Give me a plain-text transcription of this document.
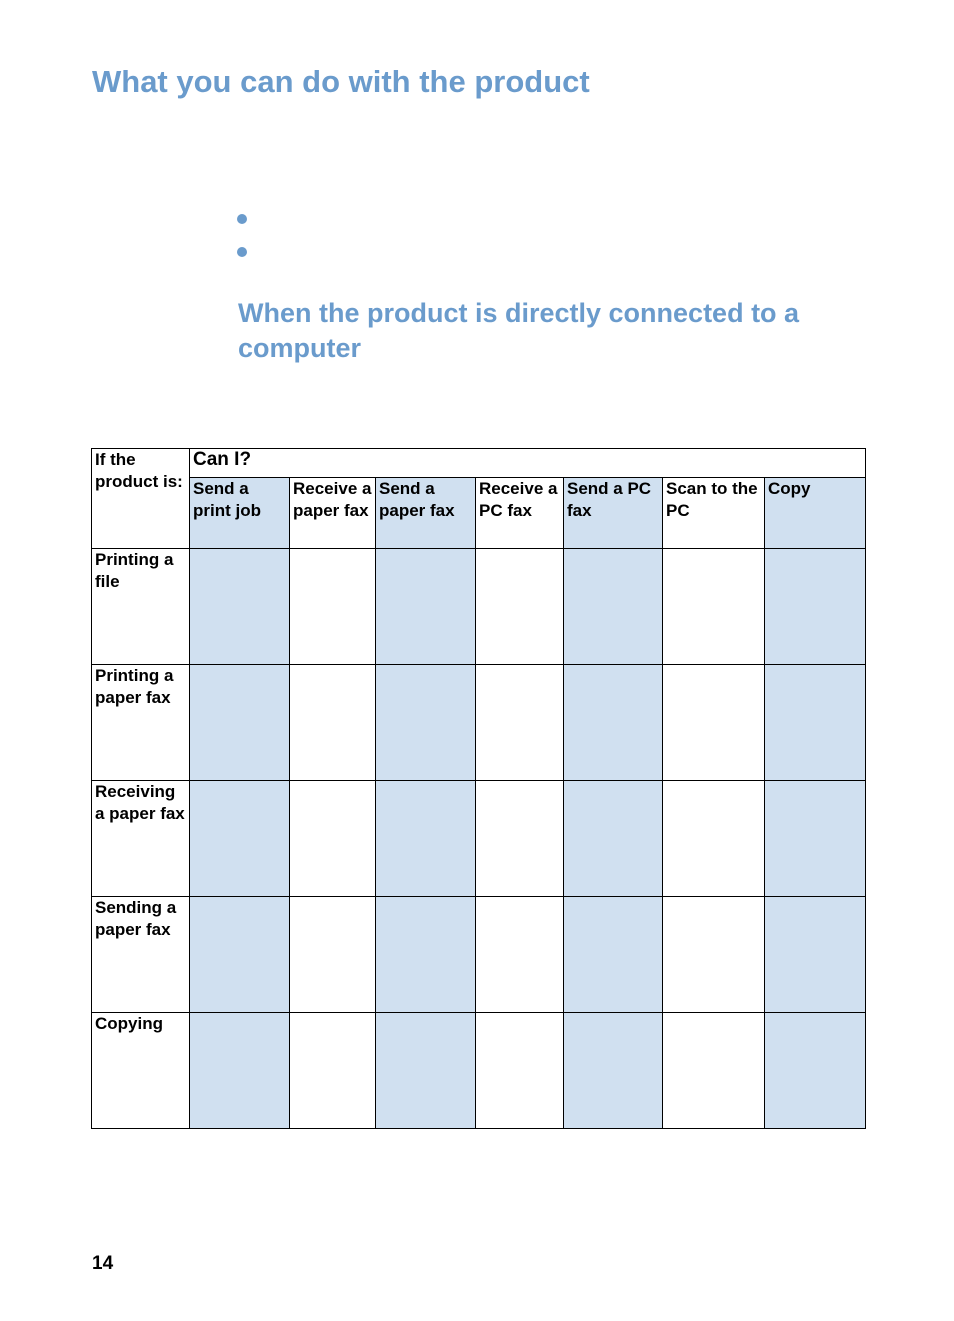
What you can do with the product
When the product is directly connected to a computer
If the product is:	Can I?						
	Send a print job	Receive a paper fax	Send a paper fax	Receive a PC fax	Send a PC fax	Scan to the PC	Copy
Printing a file							
Printing a paper fax							
Receiving a paper fax							
Sending a paper fax							
Copying							
14
